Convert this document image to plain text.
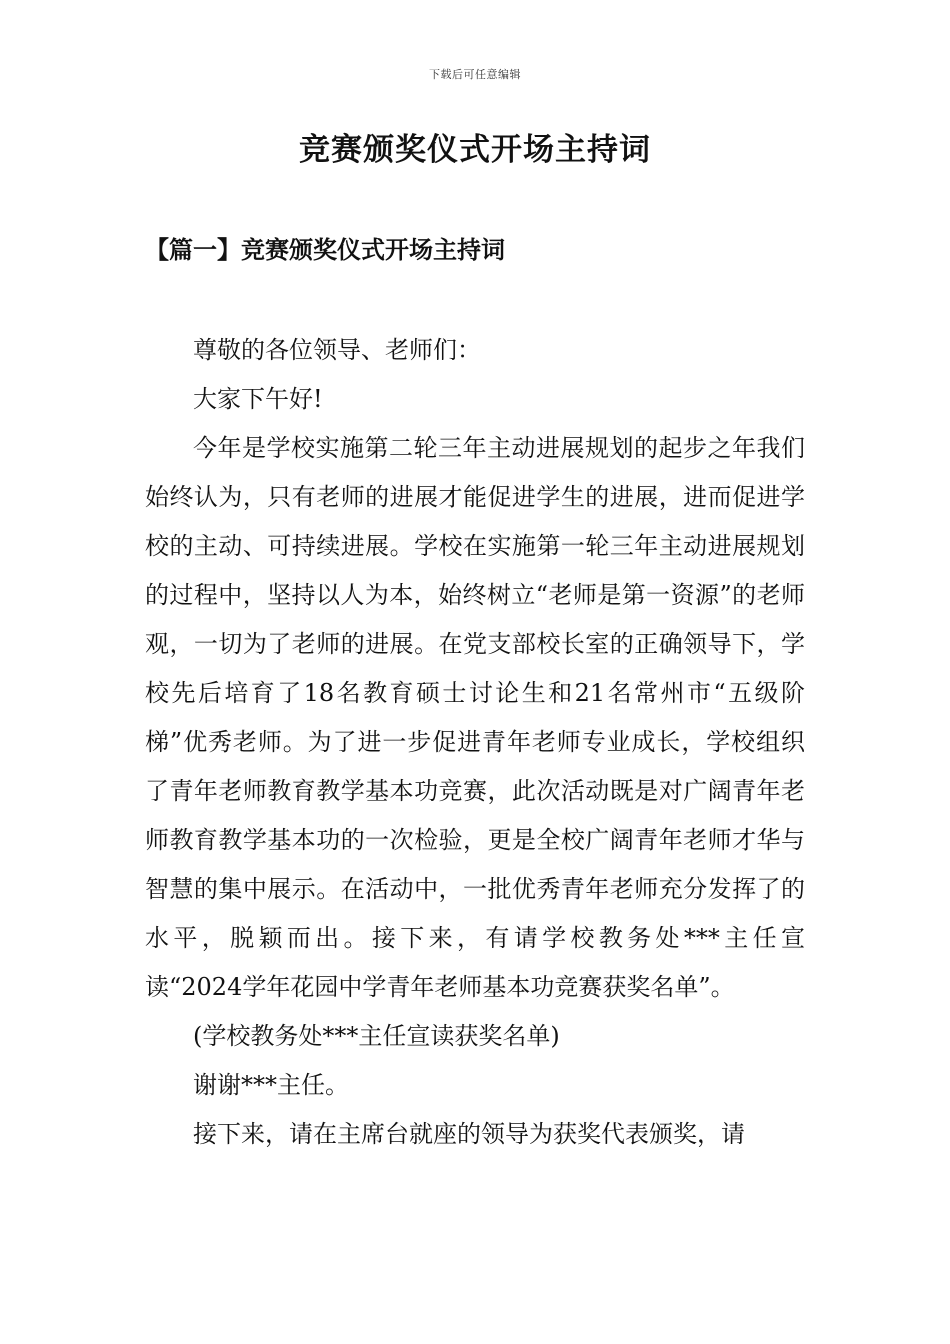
下载后可任意编辑
竞赛颁奖仪式开场主持词
【篇一】竞赛颁奖仪式开场主持词

尊敬的各位领导、老师们：

大家下午好!

今年是学校实施第二轮三年主动进展规划的起步之年我们始终认为，只有老师的进展才能促进学生的进展，进而促进学校的主动、可持续进展。学校在实施第一轮三年主动进展规划的过程中，坚持以人为本，始终树立“老师是第一资源”的老师观，一切为了老师的进展。在党支部校长室的正确领导下，学校先后培育了18名教育硕士讨论生和21名常州市“五级阶梯”优秀老师。为了进一步促进青年老师专业成长，学校组织了青年老师教育教学基本功竞赛，此次活动既是对广阔青年老师教育教学基本功的一次检验，更是全校广阔青年老师才华与智慧的集中展示。在活动中，一批优秀青年老师充分发挥了的水平，脱颖而出。接下来，有请学校教务处***主任宣读“2024学年花园中学青年老师基本功竞赛获奖名单”。

(学校教务处***主任宣读获奖名单)

谢谢***主任。

接下来，请在主席台就座的领导为获奖代表颁奖，请
